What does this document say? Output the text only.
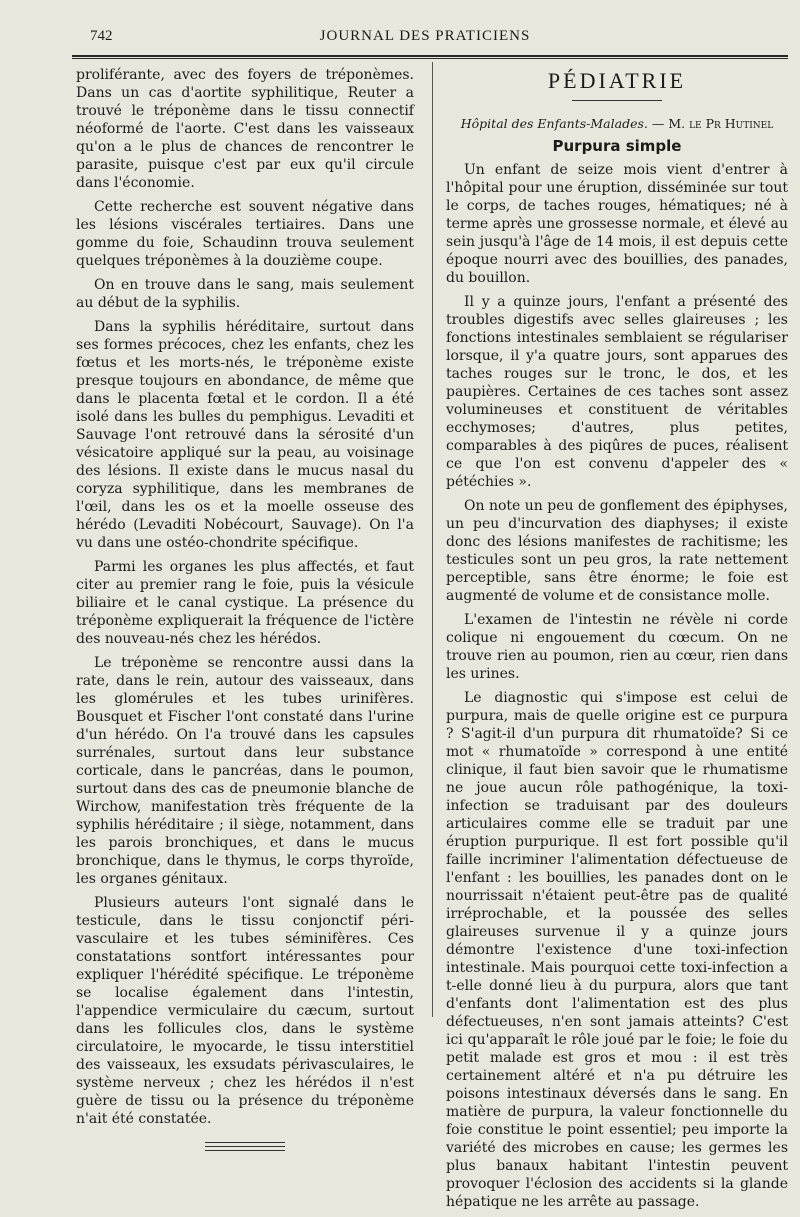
742	JOURNAL DES PRATICIENS

proliférante, avec des foyers de tréponèmes. Dans un cas d'aortite syphilitique, Reuter a trouvé le tréponème dans le tissu connectif néoformé de l'aorte. C'est dans les vaisseaux qu'on a le plus de chances de rencontrer le parasite, puisque c'est par eux qu'il circule dans l'économie.

Cette recherche est souvent négative dans les lésions viscérales tertiaires. Dans une gomme du foie, Schaudinn trouva seulement quelques tréponèmes à la douzième coupe.

On en trouve dans le sang, mais seulement au début de la syphilis.

Dans la syphilis héréditaire, surtout dans ses formes précoces, chez les enfants, chez les fœtus et les morts-nés, le tréponème existe presque toujours en abondance, de même que dans le placenta fœtal et le cordon. Il a été isolé dans les bulles du pemphigus. Levaditi et Sauvage l'ont retrouvé dans la sérosité d'un vésicatoire appliqué sur la peau, au voisinage des lésions. Il existe dans le mucus nasal du coryza syphilitique, dans les membranes de l'œil, dans les os et la moelle osseuse des hérédo (Levaditi Nobécourt, Sauvage). On l'a vu dans une ostéo-chondrite spécifique.

Parmi les organes les plus affectés, et faut citer au premier rang le foie, puis la vésicule biliaire et le canal cystique. La présence du tréponème expliquerait la fréquence de l'ictère des nouveau-nés chez les hérédos.

Le tréponème se rencontre aussi dans la rate, dans le rein, autour des vaisseaux, dans les glomérules et les tubes urinifères. Bousquet et Fischer l'ont constaté dans l'urine d'un hérédo. On l'a trouvé dans les capsules surrénales, surtout dans leur substance corticale, dans le pancréas, dans le poumon, surtout dans des cas de pneumonie blanche de Wirchow, manifestation très fréquente de la syphilis héréditaire ; il siège, notamment, dans les parois bronchiques, et dans le mucus bronchique, dans le thymus, le corps thyroïde, les organes génitaux.

Plusieurs auteurs l'ont signalé dans le testicule, dans le tissu conjonctif péri-vasculaire et les tubes séminifères. Ces constatations sontfort intéressantes pour expliquer l'hérédité spécifique. Le tréponème se localise également dans l'intestin, l'appendice vermiculaire du cæcum, surtout dans les follicules clos, dans le système circulatoire, le myocarde, le tissu interstitiel des vaisseaux, les exsudats périvasculaires, le système nerveux ; chez les hérédos il n'est guère de tissu ou la présence du tréponème n'ait été constatée.

PÉDIATRIE
Hôpital des Enfants-Malades. — M. le Pr Hutinel
Purpura simple

Un enfant de seize mois vient d'entrer à l'hôpital pour une éruption, disséminée sur tout le corps, de taches rouges, hématiques; né à terme après une grossesse normale, et élevé au sein jusqu'à l'âge de 14 mois, il est depuis cette époque nourri avec des bouillies, des panades, du bouillon.

Il y a quinze jours, l'enfant a présenté des troubles digestifs avec selles glaireuses ; les fonctions intestinales semblaient se régulariser lorsque, il y'a quatre jours, sont apparues des taches rouges sur le tronc, le dos, et les paupières. Certaines de ces taches sont assez volumineuses et constituent de véritables ecchymoses; d'autres, plus petites, comparables à des piqûres de puces, réalisent ce que l'on est convenu d'appeler des « pétéchies ».

On note un peu de gonflement des épiphyses, un peu d'incurvation des diaphyses; il existe donc des lésions manifestes de rachitisme; les testicules sont un peu gros, la rate nettement perceptible, sans être énorme; le foie est augmenté de volume et de consistance molle.

L'examen de l'intestin ne révèle ni corde colique ni engouement du cœcum. On ne trouve rien au poumon, rien au cœur, rien dans les urines.

Le diagnostic qui s'impose est celui de purpura, mais de quelle origine est ce purpura ? S'agit-il d'un purpura dit rhumatoïde? Si ce mot « rhumatoïde » correspond à une entité clinique, il faut bien savoir que le rhumatisme ne joue aucun rôle pathogénique, la toxi-infection se traduisant par des douleurs articulaires comme elle se traduit par une éruption purpurique. Il est fort possible qu'il faille incriminer l'alimentation défectueuse de l'enfant : les bouillies, les panades dont on le nourrissait n'étaient peut-être pas de qualité irréprochable, et la poussée des selles glaireuses survenue il y a quinze jours démontre l'existence d'une toxi-infection intestinale. Mais pourquoi cette toxi-infection a t-elle donné lieu à du purpura, alors que tant d'enfants dont l'alimentation est des plus défectueuses, n'en sont jamais atteints? C'est ici qu'apparaît le rôle joué par le foie; le foie du petit malade est gros et mou : il est très certainement altéré et n'a pu détruire les poisons intestinaux déversés dans le sang. En matière de purpura, la valeur fonctionnelle du foie constitue le point essentiel; peu importe la variété des microbes en cause; les germes les plus banaux habitant l'intestin peuvent provoquer l'éclosion des accidents si la glande hépatique ne les arrête au passage.
